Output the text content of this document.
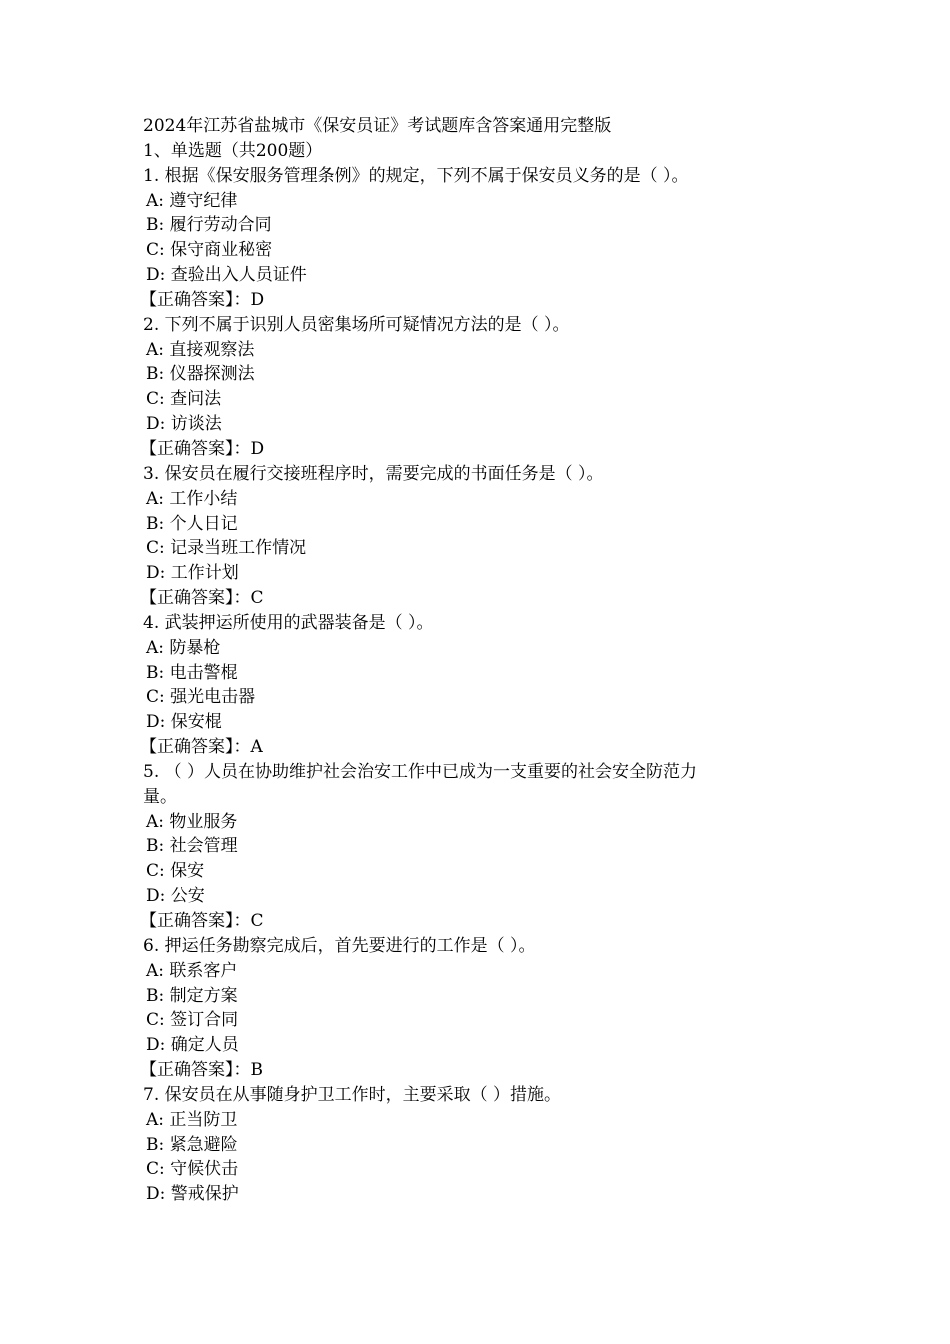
2024年江苏省盐城市《保安员证》考试题库含答案通用完整版
1、单选题（共200题）
1. 根据《保安服务管理条例》的规定，下列不属于保安员义务的是（ ）。
A: 遵守纪律
B: 履行劳动合同
C: 保守商业秘密
D: 查验出入人员证件
【正确答案】：D
2. 下列不属于识别人员密集场所可疑情况方法的是（ ）。
A: 直接观察法
B: 仪器探测法
C: 查问法
D: 访谈法
【正确答案】：D
3. 保安员在履行交接班程序时，需要完成的书面任务是（ ）。
A: 工作小结
B: 个人日记
C: 记录当班工作情况
D: 工作计划
【正确答案】：C
4. 武装押运所使用的武器装备是（ ）。
A: 防暴枪
B: 电击警棍
C: 强光电击器
D: 保安棍
【正确答案】：A
5. （ ）人员在协助维护社会治安工作中已成为一支重要的社会安全防范力
量。
A: 物业服务
B: 社会管理
C: 保安
D: 公安
【正确答案】：C
6. 押运任务勘察完成后，首先要进行的工作是（ ）。
A: 联系客户
B: 制定方案
C: 签订合同
D: 确定人员
【正确答案】：B
7. 保安员在从事随身护卫工作时，主要采取（ ）措施。
A: 正当防卫
B: 紧急避险
C: 守候伏击
D: 警戒保护
